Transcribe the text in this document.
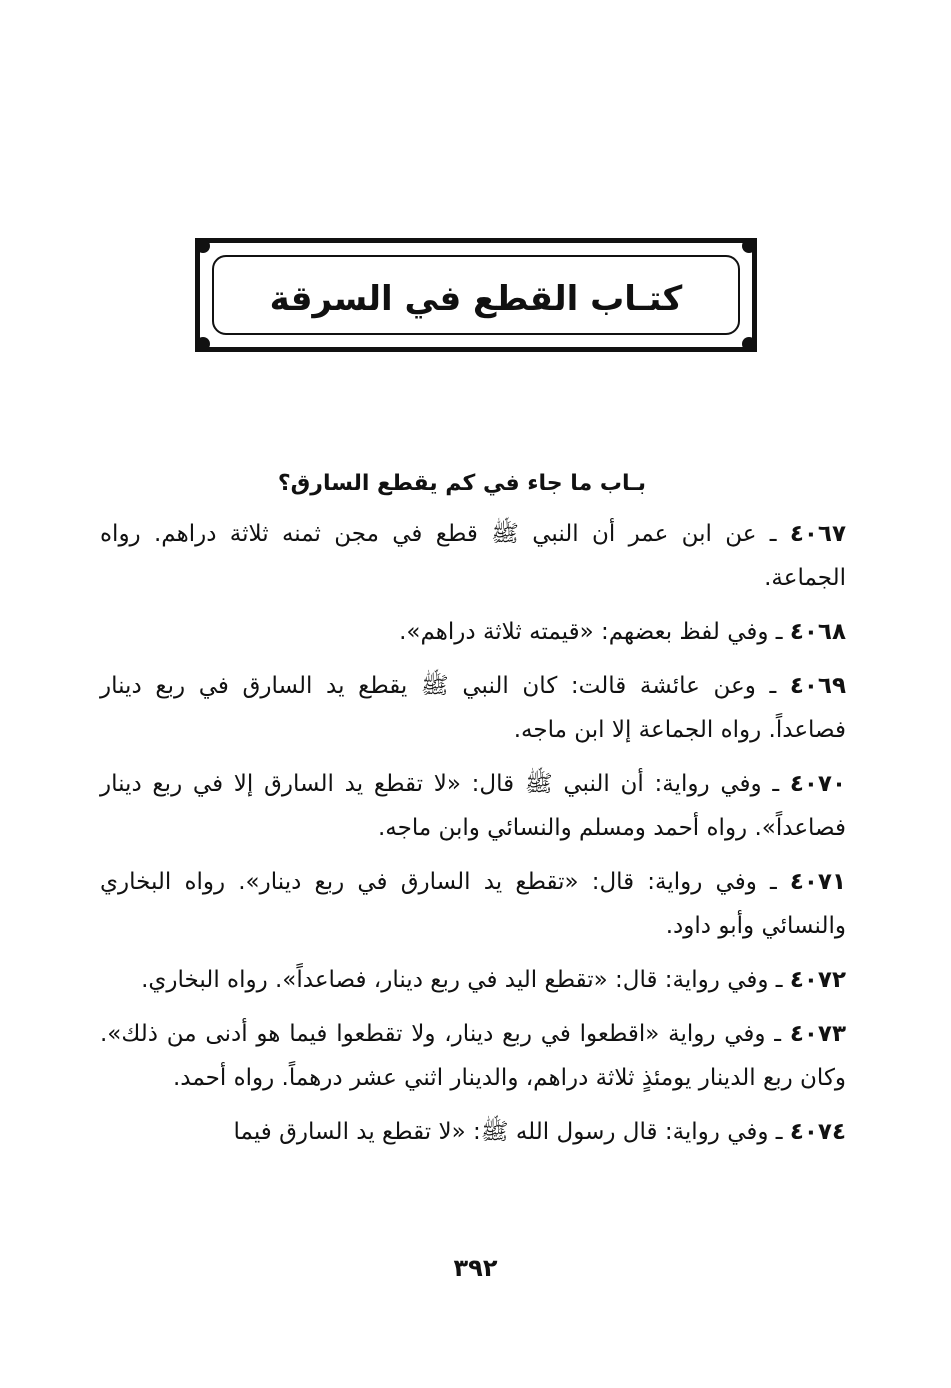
كتـاب القطع في السرقة
بـاب ما جاء في كم يقطع السارق؟

٤٠٦٧ ـ عن ابن عمر أن النبي ﷺ قطع في مجن ثمنه ثلاثة دراهم. رواه الجماعة.

٤٠٦٨ ـ وفي لفظ بعضهم: «قيمته ثلاثة دراهم».

٤٠٦٩ ـ وعن عائشة قالت: كان النبي ﷺ يقطع يد السارق في ربع دينار فصاعداً. رواه الجماعة إلا ابن ماجه.

٤٠٧٠ ـ وفي رواية: أن النبي ﷺ قال: «لا تقطع يد السارق إلا في ربع دينار فصاعداً». رواه أحمد ومسلم والنسائي وابن ماجه.

٤٠٧١ ـ وفي رواية: قال: «تقطع يد السارق في ربع دينار». رواه البخاري والنسائي وأبو داود.

٤٠٧٢ ـ وفي رواية: قال: «تقطع اليد في ربع دينار، فصاعداً». رواه البخاري.

٤٠٧٣ ـ وفي رواية «اقطعوا في ربع دينار، ولا تقطعوا فيما هو أدنى من ذلك». وكان ربع الدينار يومئذٍ ثلاثة دراهم، والدينار اثني عشر درهماً. رواه أحمد.

٤٠٧٤ ـ وفي رواية: قال رسول الله ﷺ: «لا تقطع يد السارق فيما

٣٩٢
